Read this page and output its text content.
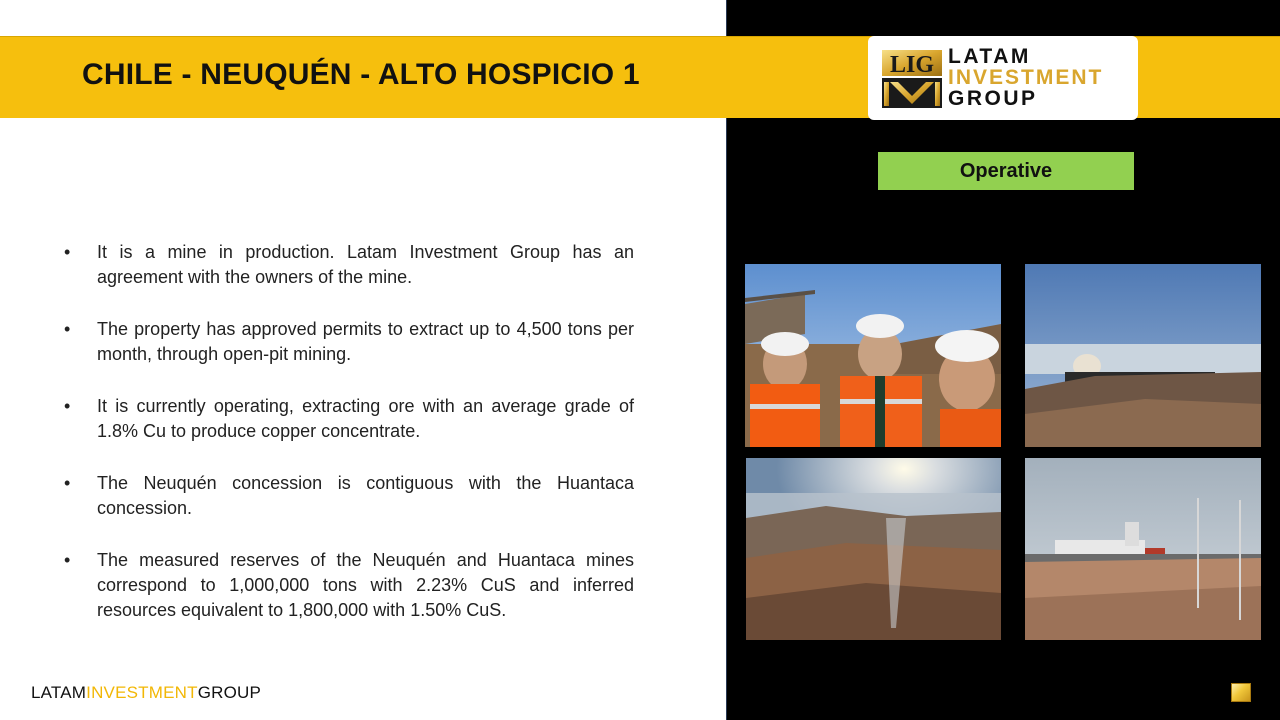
CHILE - NEUQUÉN - ALTO HOSPICIO 1	LIG LATAM
INVESTMENT
GROUP
Operative
• It is a mine in production. Latam Investment Group has an agreement with the owners of the mine.
• The property has approved permits to extract up to 4,500 tons per month, through open-pit mining.
• It is currently operating, extracting ore with an average grade of 1.8% Cu to produce copper concentrate.
• The Neuquén concession is contiguous with the Huantaca concession.
• The measured reserves of the Neuquén and Huantaca mines correspond to 1,000,000 tons with 2.23% CuS and inferred resources equivalent to 1,800,000 with 1.50% CuS.
LATAMINVESTMENTGROUP
